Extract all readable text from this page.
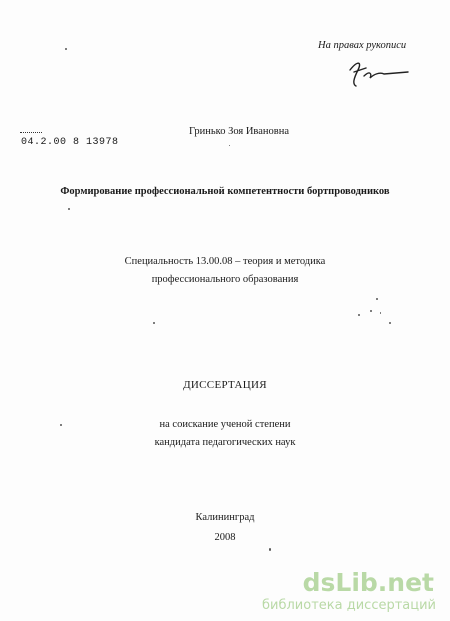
На правах рукописи
04.2.00 8 13978
Гринько Зоя Ивановна
Формирование профессиональной компетентности бортпроводников
Специальность 13.00.08 – теория и методика
профессионального образования
ДИССЕРТАЦИЯ
на соискание ученой степени
кандидата педагогических наук
Калининград
2008
dsLib.net
библиотека диссертаций
